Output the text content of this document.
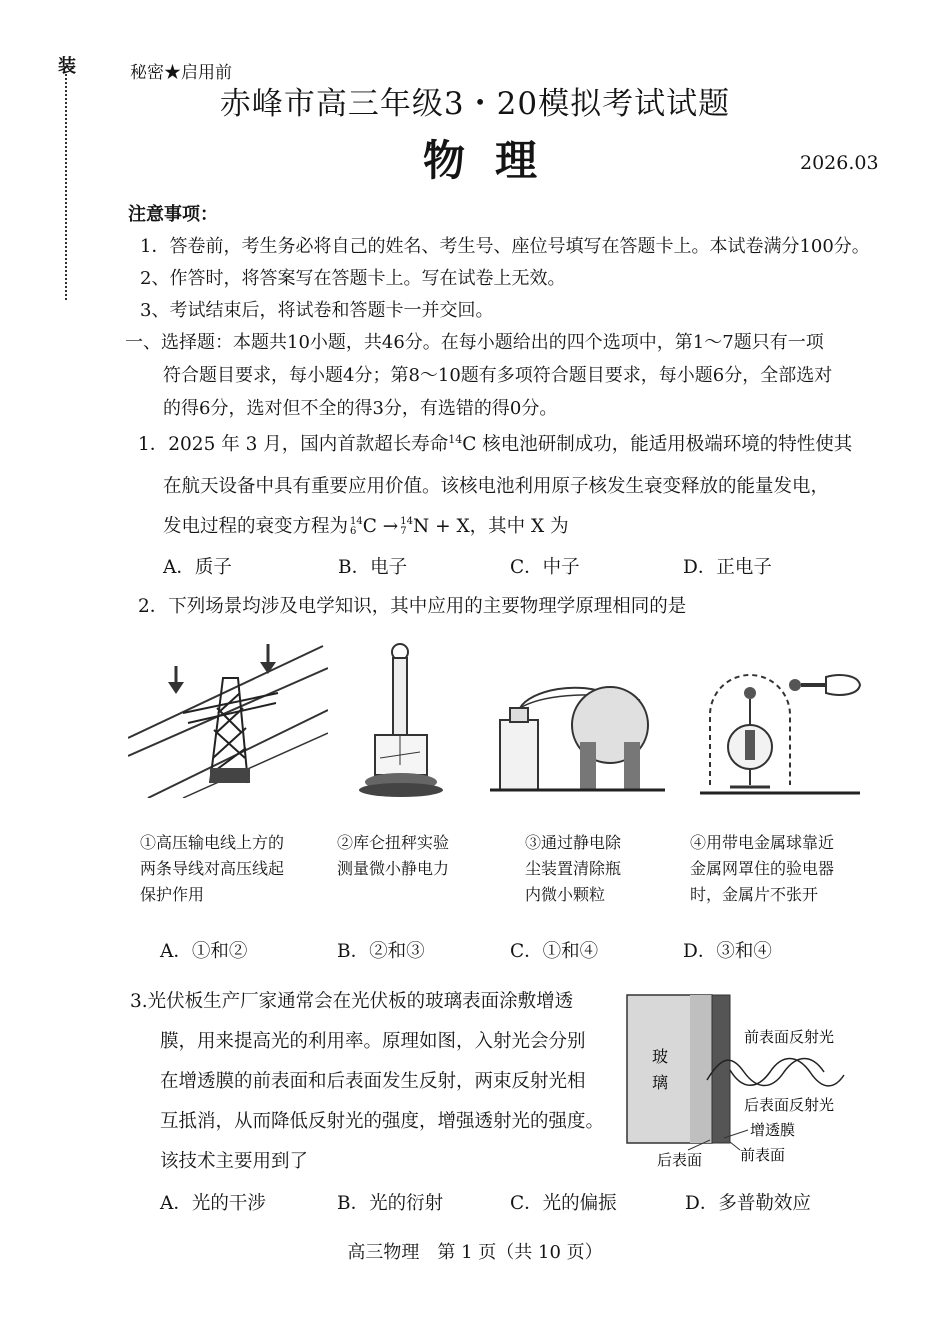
装	秘密★启用前
赤峰市高三年级3・20模拟考试试题
物理	2026.03
注意事项：
1．答卷前，考生务必将自己的姓名、考生号、座位号填写在答题卡上。本试卷满分100分。
2、作答时，将答案写在答题卡上。写在试卷上无效。
3、考试结束后，将试卷和答题卡一并交回。
一、选择题：本题共10小题，共46分。在每小题给出的四个选项中，第1～7题只有一项
符合题目要求，每小题4分；第8～10题有多项符合题目要求，每小题6分，全部选对
的得6分，选对但不全的得3分，有选错的得0分。
1．2025 年 3 月，国内首款超长寿命$^{14}$C 核电池研制成功，能适用极端环境的特性使其
在航天设备中具有重要应用价值。该核电池利用原子核发生衰变释放的能量发电，
发电过程的衰变方程为 14
6 C → 14
7 N + X，其中 X 为
A．质子	B．电子	C．中子	D．正电子
2．下列场景均涉及电学知识，其中应用的主要物理学原理相同的是
①高压输电线上方的
两条导线对高压线起
保护作用
②库仑扭秤实验
测量微小静电力
③通过静电除
尘装置清除瓶
内微小颗粒
④用带电金属球靠近
金属网罩住的验电器
时，金属片不张开
A．①和②	B．②和③	C．①和④	D．③和④
3.光伏板生产厂家通常会在光伏板的玻璃表面涂敷增透
膜，用来提高光的利用率。原理如图，入射光会分别
在增透膜的前表面和后表面发生反射，两束反射光相
互抵消，从而降低反射光的强度，增强透射光的强度。
该技术主要用到了
玻
璃
前表面反射光
后表面反射光
增透膜
后表面	前表面
A．光的干涉	B．光的衍射	C．光的偏振	D．多普勒效应
高三物理　第 1 页（共 10 页）
